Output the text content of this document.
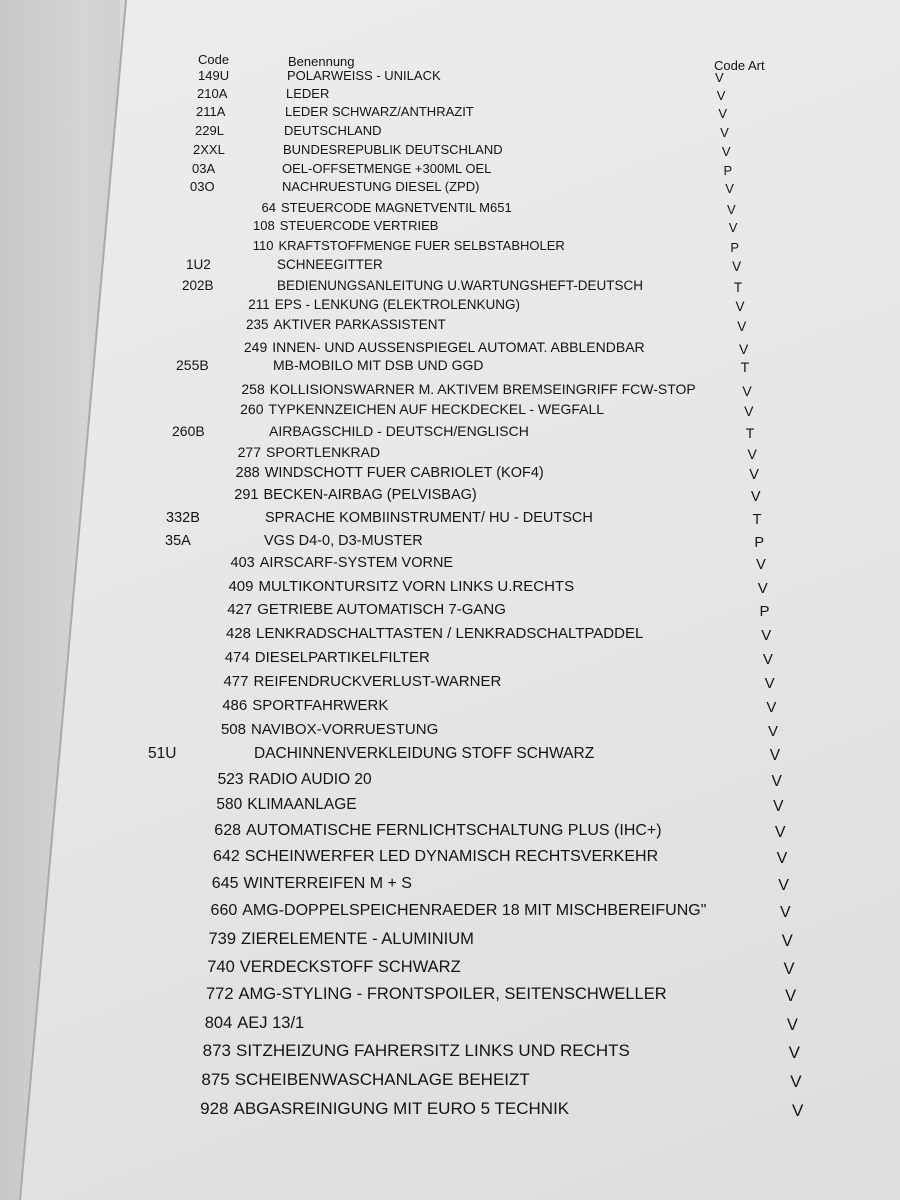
Code	Benennung	Code Art
149U	POLARWEISS - UNILACK	V
210A	LEDER	V
211A	LEDER SCHWARZ/ANTHRAZIT	V
229L	DEUTSCHLAND	V
2XXL	BUNDESREPUBLIK DEUTSCHLAND	V
03A	OEL-OFFSETMENGE +300ML OEL	P
03O	NACHRUESTUNG DIESEL (ZPD)	V
64 STEUERCODE MAGNETVENTIL M651	V
108 STEUERCODE VERTRIEB	V
110 KRAFTSTOFFMENGE FUER SELBSTABHOLER	P
1U2	SCHNEEGITTER	V
202B	BEDIENUNGSANLEITUNG U.WARTUNGSHEFT-DEUTSCH	T
211 EPS - LENKUNG (ELEKTROLENKUNG)	V
235 AKTIVER PARKASSISTENT	V
249 INNEN- UND AUSSENSPIEGEL AUTOMAT. ABBLENDBAR	V
255B	MB-MOBILO MIT DSB UND GGD	T
258 KOLLISIONSWARNER M. AKTIVEM BREMSEINGRIFF FCW-STOP	V
260 TYPKENNZEICHEN AUF HECKDECKEL - WEGFALL	V
260B	AIRBAGSCHILD - DEUTSCH/ENGLISCH	T
277 SPORTLENKRAD	V
288 WINDSCHOTT FUER CABRIOLET (KOF4)	V
291 BECKEN-AIRBAG (PELVISBAG)	V
332B	SPRACHE KOMBIINSTRUMENT/ HU - DEUTSCH	T
35A	VGS D4-0, D3-MUSTER	P
403 AIRSCARF-SYSTEM VORNE	V
409 MULTIKONTURSITZ VORN LINKS U.RECHTS	V
427 GETRIEBE AUTOMATISCH 7-GANG	P
428 LENKRADSCHALTTASTEN / LENKRADSCHALTPADDEL	V
474 DIESELPARTIKELFILTER	V
477 REIFENDRUCKVERLUST-WARNER	V
486 SPORTFAHRWERK	V
508 NAVIBOX-VORRUESTUNG	V
51U	DACHINNENVERKLEIDUNG STOFF SCHWARZ	V
523 RADIO AUDIO 20	V
580 KLIMAANLAGE	V
628 AUTOMATISCHE FERNLICHTSCHALTUNG PLUS (IHC+)	V
642 SCHEINWERFER LED DYNAMISCH RECHTSVERKEHR	V
645 WINTERREIFEN M + S	V
660 AMG-DOPPELSPEICHENRAEDER 18 MIT MISCHBEREIFUNG"	V
739 ZIERELEMENTE - ALUMINIUM	V
740 VERDECKSTOFF SCHWARZ	V
772 AMG-STYLING - FRONTSPOILER, SEITENSCHWELLER	V
804 AEJ 13/1	V
873 SITZHEIZUNG FAHRERSITZ LINKS UND RECHTS	V
875 SCHEIBENWASCHANLAGE BEHEIZT	V
928 ABGASREINIGUNG MIT EURO 5 TECHNIK	V
